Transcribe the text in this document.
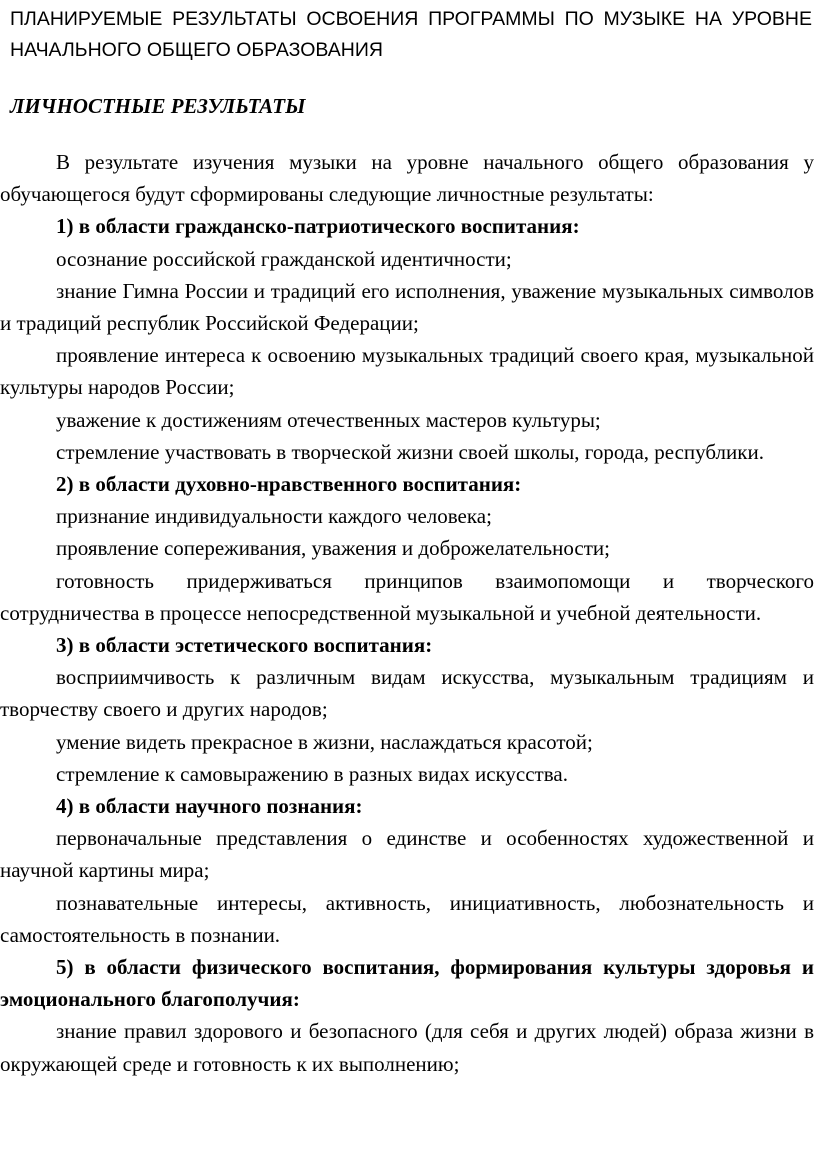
ПЛАНИРУЕМЫЕ РЕЗУЛЬТАТЫ ОСВОЕНИЯ ПРОГРАММЫ ПО МУЗЫКЕ НА УРОВНЕ НАЧАЛЬНОГО ОБЩЕГО ОБРАЗОВАНИЯ
ЛИЧНОСТНЫЕ РЕЗУЛЬТАТЫ

В результате изучения музыки на уровне начального общего образования у обучающегося будут сформированы следующие личностные результаты:

1) в области гражданско-патриотического воспитания:

осознание российской гражданской идентичности;

знание Гимна России и традиций его исполнения, уважение музыкальных символов и традиций республик Российской Федерации;

проявление интереса к освоению музыкальных традиций своего края, музыкальной культуры народов России;

уважение к достижениям отечественных мастеров культуры;

стремление участвовать в творческой жизни своей школы, города, республики.

2) в области духовно-нравственного воспитания:

признание индивидуальности каждого человека;

проявление сопереживания, уважения и доброжелательности;

готовность придерживаться принципов взаимопомощи и творческого сотрудничества в процессе непосредственной музыкальной и учебной деятельности.

3) в области эстетического воспитания:

восприимчивость к различным видам искусства, музыкальным традициям и творчеству своего и других народов;

умение видеть прекрасное в жизни, наслаждаться красотой;

стремление к самовыражению в разных видах искусства.

4) в области научного познания:

первоначальные представления о единстве и особенностях художественной и научной картины мира;

познавательные интересы, активность, инициативность, любознательность и самостоятельность в познании.

5) в области физического воспитания, формирования культуры здоровья и эмоционального благополучия:

знание правил здорового и безопасного (для себя и других людей) образа жизни в окружающей среде и готовность к их выполнению;
